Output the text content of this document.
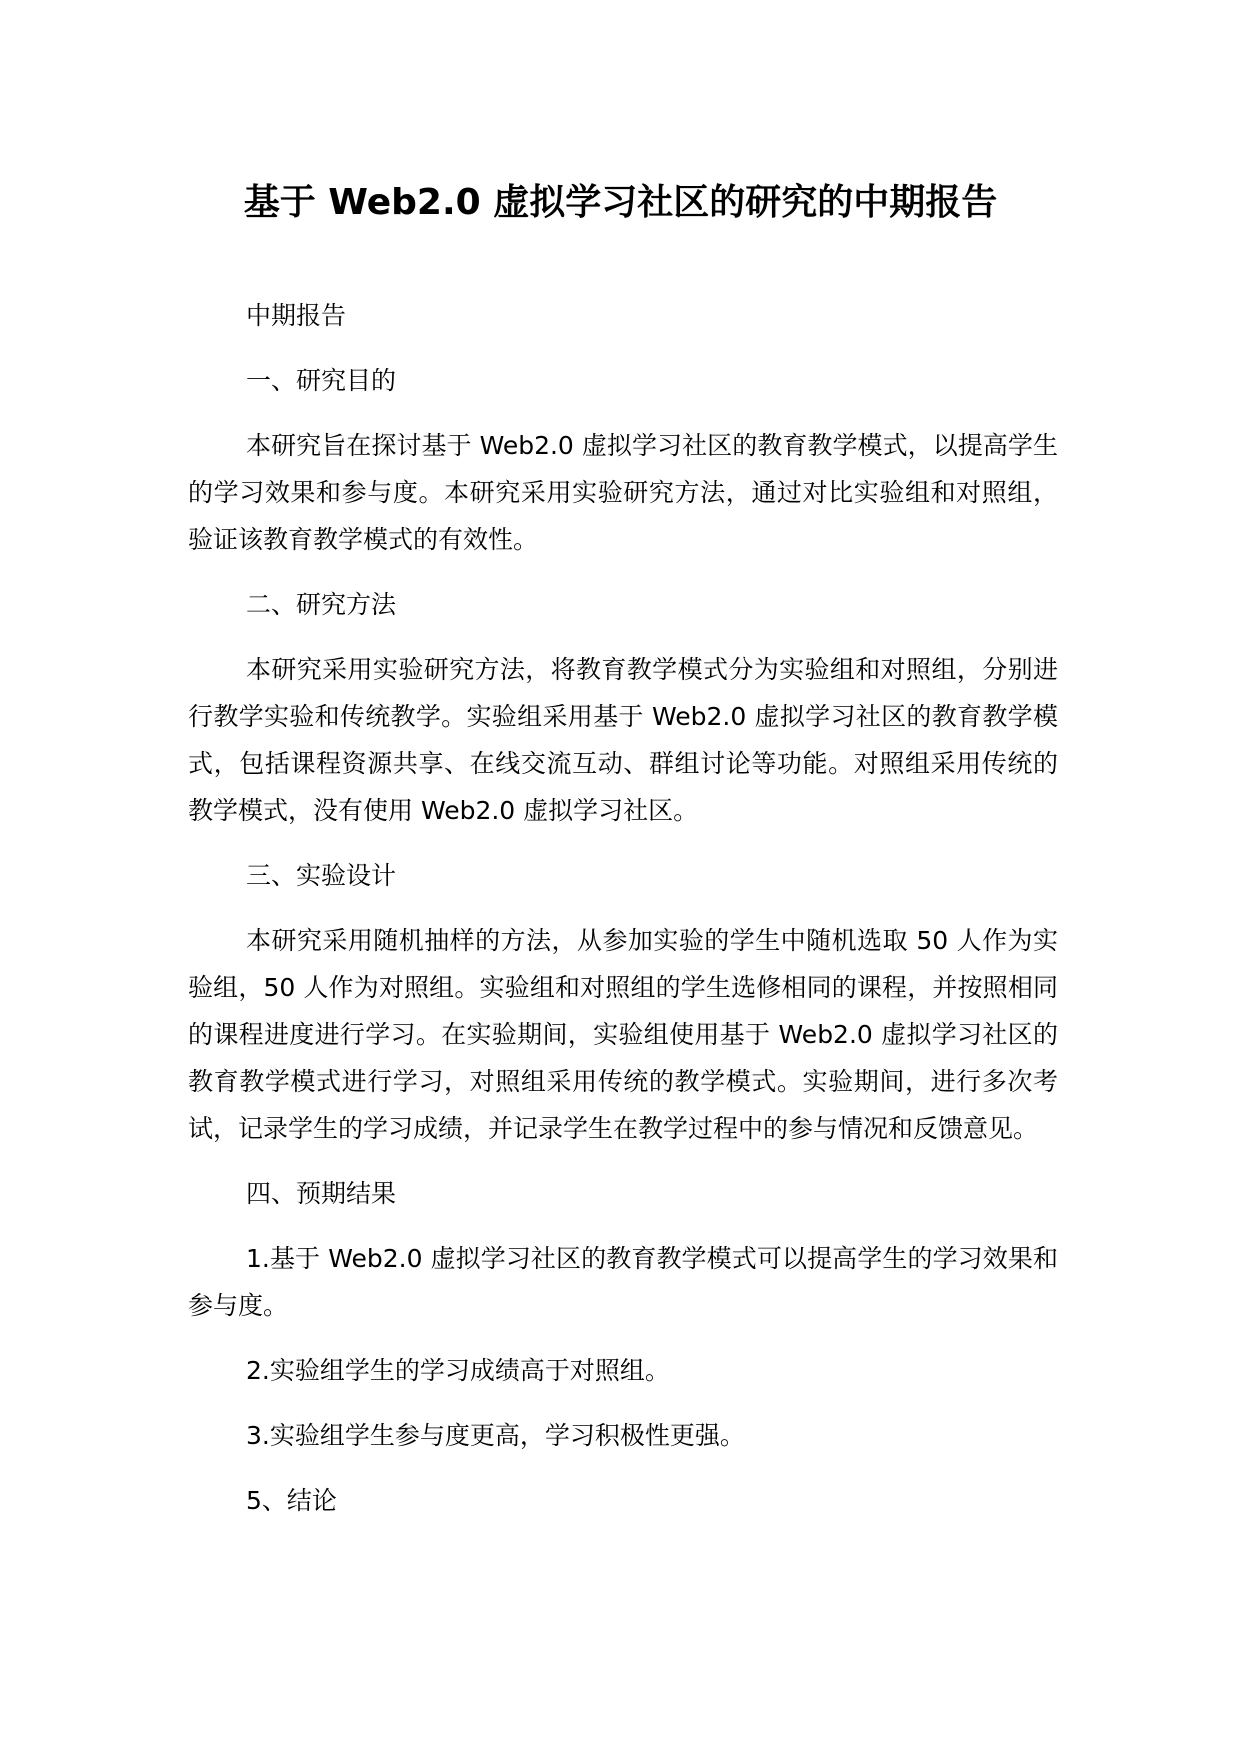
基于 Web2.0 虚拟学习社区的研究的中期报告

中期报告

一、研究目的

本研究旨在探讨基于 Web2.0 虚拟学习社区的教育教学模式，以提高学生的学习效果和参与度。本研究采用实验研究方法，通过对比实验组和对照组，验证该教育教学模式的有效性。

二、研究方法

本研究采用实验研究方法，将教育教学模式分为实验组和对照组，分别进行教学实验和传统教学。实验组采用基于 Web2.0 虚拟学习社区的教育教学模式，包括课程资源共享、在线交流互动、群组讨论等功能。对照组采用传统的教学模式，没有使用 Web2.0 虚拟学习社区。

三、实验设计

本研究采用随机抽样的方法，从参加实验的学生中随机选取 50 人作为实验组，50 人作为对照组。实验组和对照组的学生选修相同的课程，并按照相同的课程进度进行学习。在实验期间，实验组使用基于 Web2.0 虚拟学习社区的教育教学模式进行学习，对照组采用传统的教学模式。实验期间，进行多次考试，记录学生的学习成绩，并记录学生在教学过程中的参与情况和反馈意见。

四、预期结果

1.基于 Web2.0 虚拟学习社区的教育教学模式可以提高学生的学习效果和参与度。

2.实验组学生的学习成绩高于对照组。

3.实验组学生参与度更高，学习积极性更强。

5、结论
